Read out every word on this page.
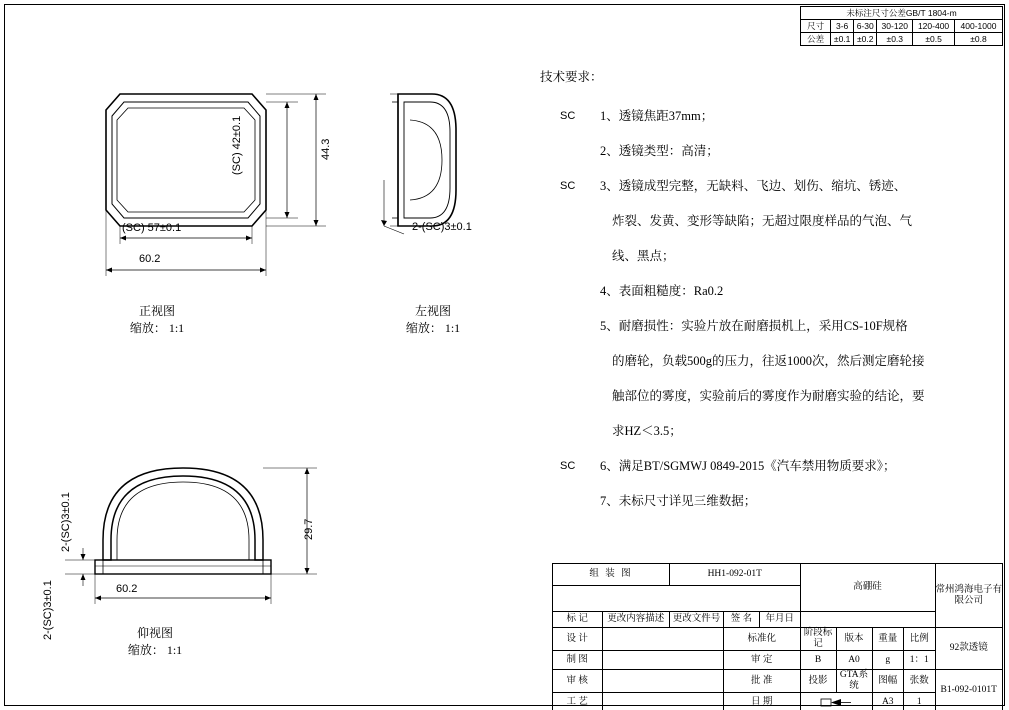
未标注尺寸公差GB/T 1804-m					
尺寸	3-6	6-30	30-120	120-400	400-1000
公差	±0.1	±0.2	±0.3	±0.5	±0.8
技术要求：
SC 1、透镜焦距37mm；
2、透镜类型：高清；
SC 3、透镜成型完整，无缺料、飞边、划伤、缩坑、锈迹、
炸裂、发黄、变形等缺陷；无超过限度样品的气泡、气
线、黑点；
4、表面粗糙度：Ra0.2
5、耐磨损性：实验片放在耐磨损机上，采用CS-10F规格
的磨轮，负载500g的压力，往返1000次，然后测定磨轮接
触部位的雾度，实验前后的雾度作为耐磨实验的结论，要
求HZ＜3.5；
SC 6、满足BT/SGMWJ 0849-2015《汽车禁用物质要求》；
7、未标尺寸详见三维数据；
(SC) 42±0.1	44.3
(SC) 57±0.1
60.2
正视图
缩放： 1:1
2-(SC)3±0.1
左视图
缩放： 1:1
29.7
60.2
2-(SC)3±0.1
2-(SC)3±0.1	仰视图
缩放： 1:1
组 装 图		HH1-092-01T			高硼硅				常州鸿海电子有限公司

标 记	更改内容描述	更改文件号	签 名	年月日					
设 计			标准化		阶段标记	版本	重量	比例	92款透镜
制 图			审 定		B	A0	g	1：1	
审 核			批 准		投影	GTA系统	图幅	张数	B1-092-0101T
工 艺			日 期				A3	1	
